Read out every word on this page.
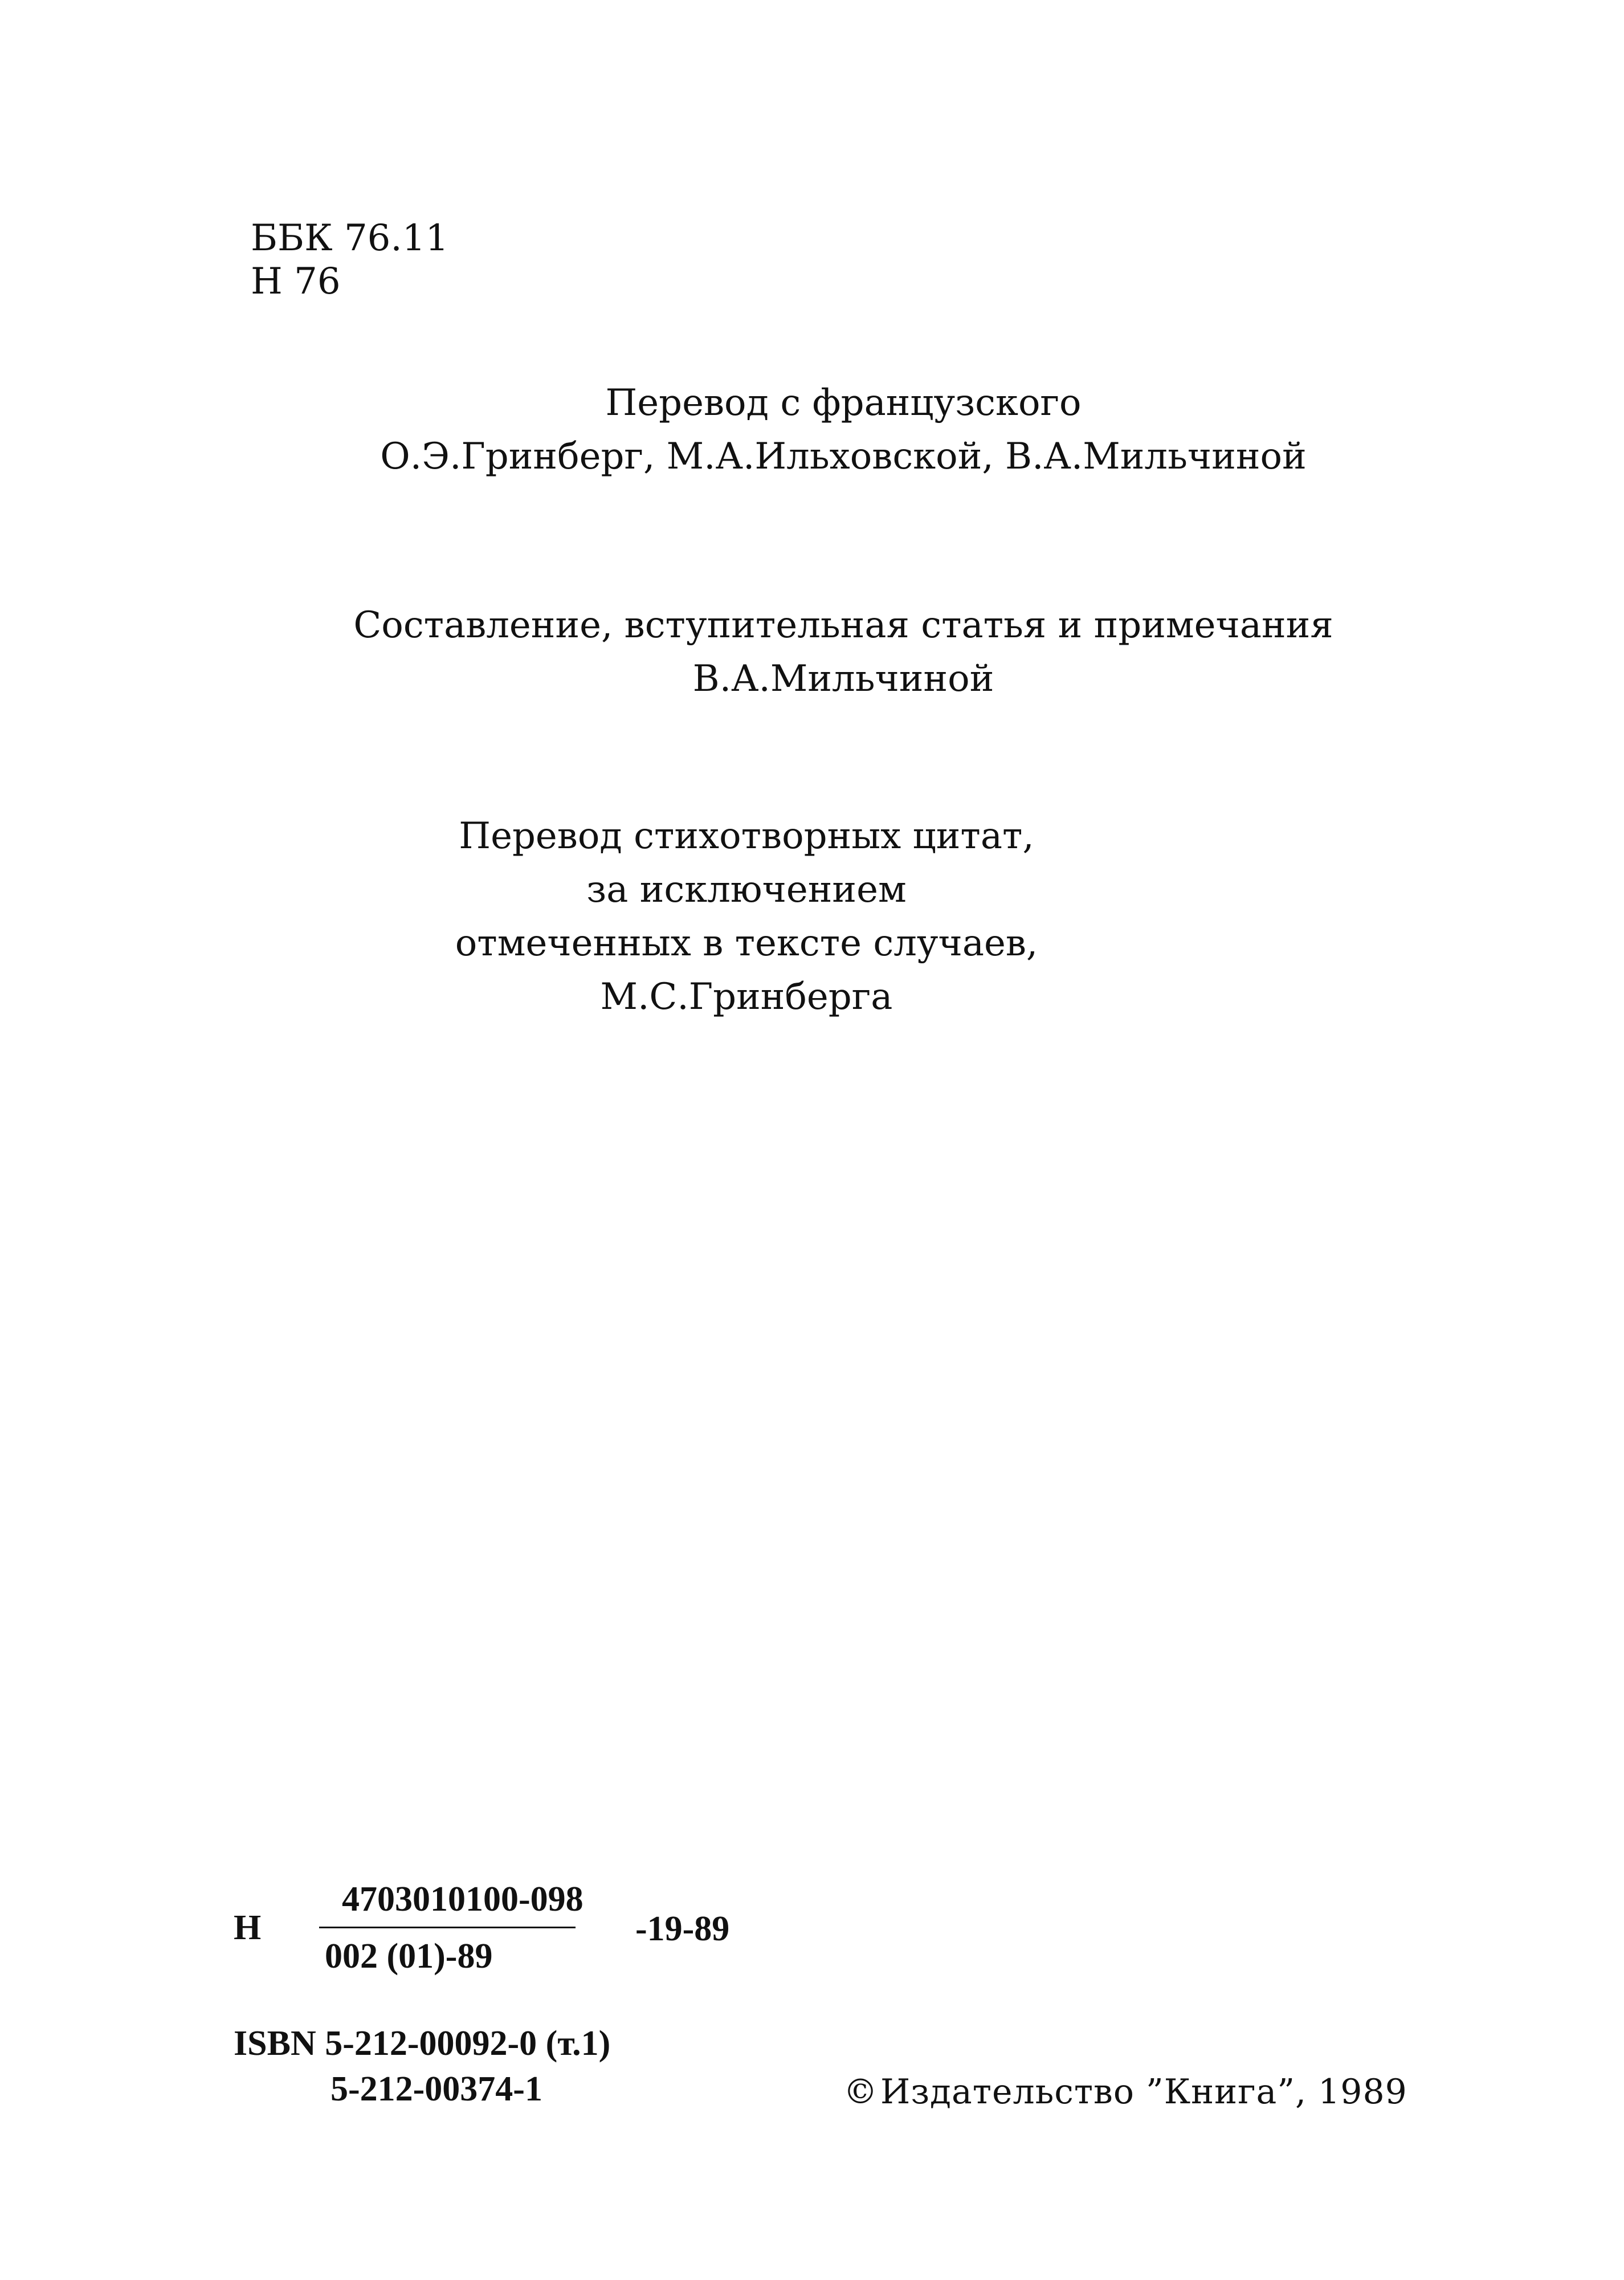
ББК 76.11
Н 76
Перевод с французского
О.Э.Гринберг, М.А.Ильховской, В.А.Мильчиной
Составление, вступительная статья и примечания
В.А.Мильчиной
Перевод стихотворных цитат,
за исключением
отмеченных в тексте случаев,
М.С.Гринберга
Н
4703010100-098
002 (01)-89
-19-89
ISBN 5-212-00092-0 (т.1)
5-212-00374-1	©Издательство ”Книга”, 1989
